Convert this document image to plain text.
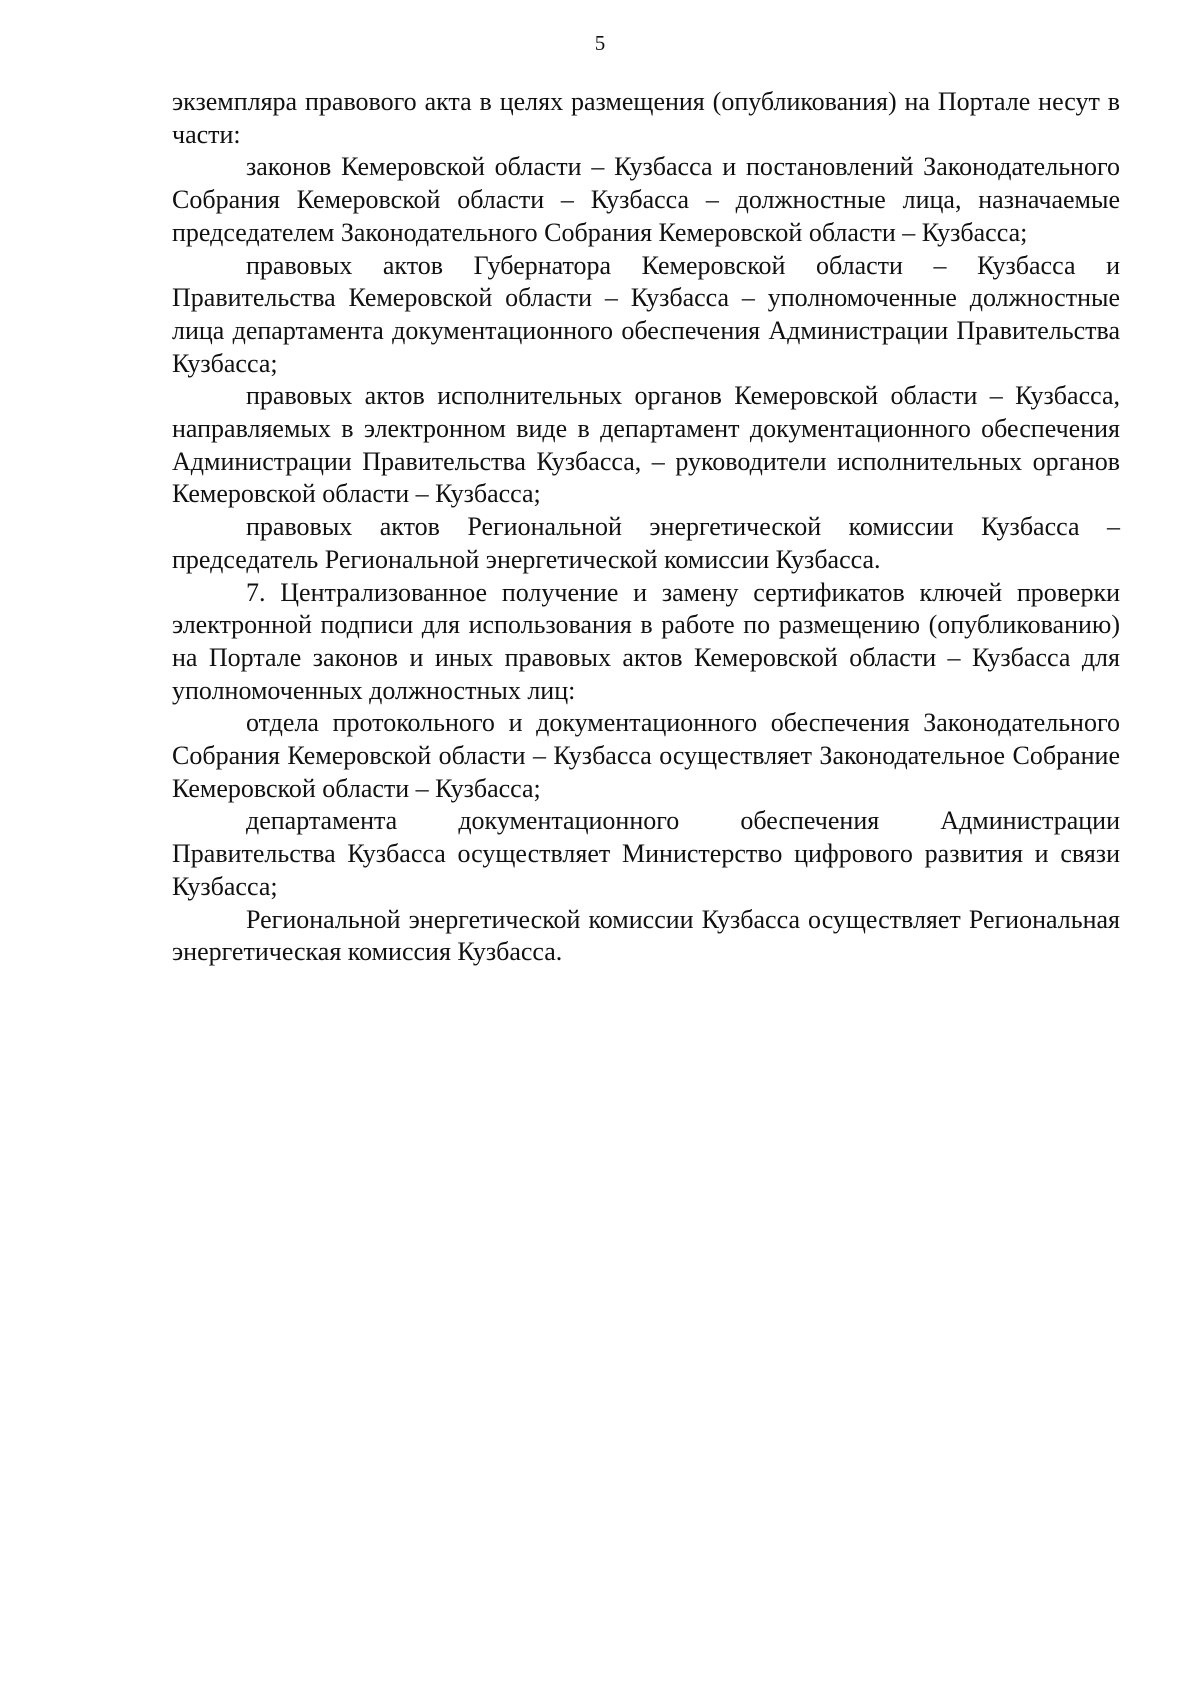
5

экземпляра правового акта в целях размещения (опубликования) на Портале несут в части:

законов Кемеровской области – Кузбасса и постановлений Законодательного Собрания Кемеровской области – Кузбасса – должностные лица, назначаемые председателем Законодательного Собрания Кемеровской области – Кузбасса;

правовых актов Губернатора Кемеровской области – Кузбасса и Правительства Кемеровской области – Кузбасса – уполномоченные должностные лица департамента документационного обеспечения Администрации Правительства Кузбасса;

правовых актов исполнительных органов Кемеровской области – Кузбасса, направляемых в электронном виде в департамент документационного обеспечения Администрации Правительства Кузбасса, – руководители исполнительных органов Кемеровской области – Кузбасса;

правовых актов Региональной энергетической комиссии Кузбасса – председатель Региональной энергетической комиссии Кузбасса.

7. Централизованное получение и замену сертификатов ключей проверки электронной подписи для использования в работе по размещению (опубликованию) на Портале законов и иных правовых актов Кемеровской области – Кузбасса для уполномоченных должностных лиц:

отдела протокольного и документационного обеспечения Законодательного Собрания Кемеровской области – Кузбасса осуществляет Законодательное Собрание Кемеровской области – Кузбасса;

департамента документационного обеспечения Администрации Правительства Кузбасса осуществляет Министерство цифрового развития и связи Кузбасса;

Региональной энергетической комиссии Кузбасса осуществляет Региональная энергетическая комиссия Кузбасса.
